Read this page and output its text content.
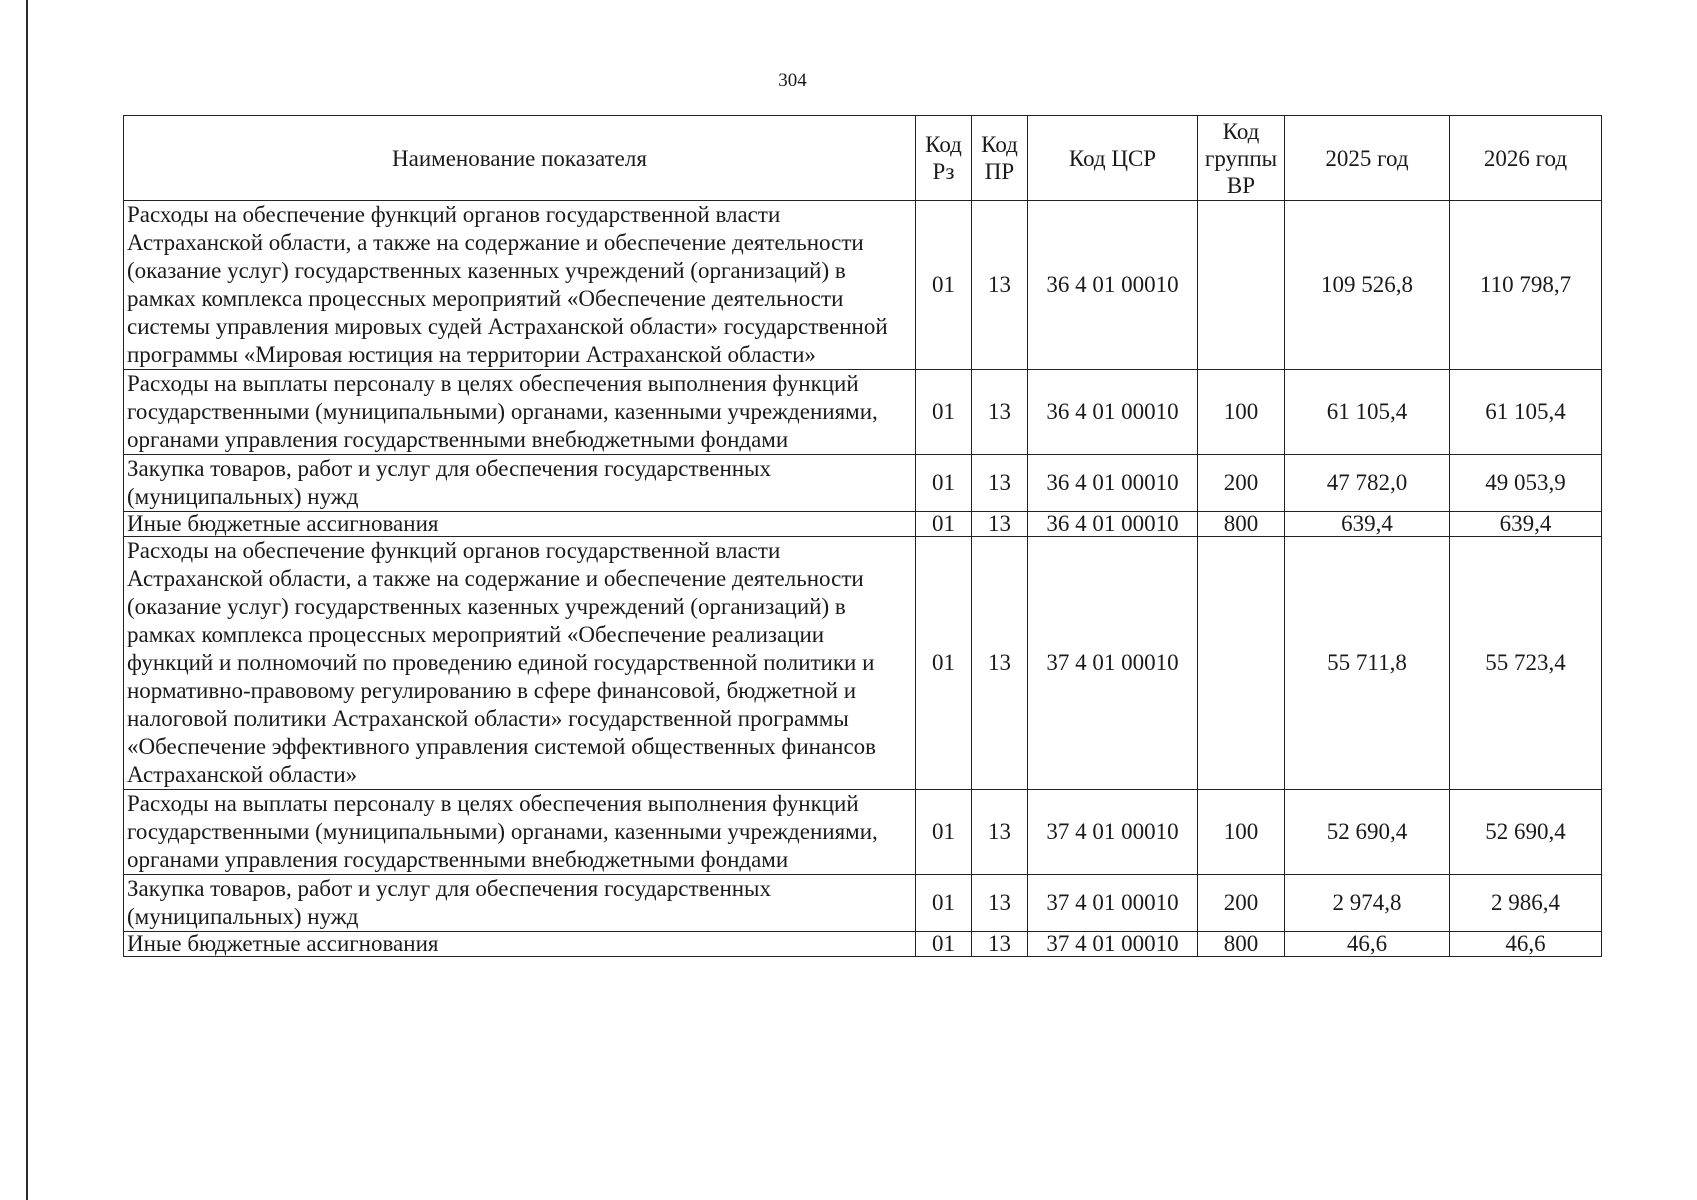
304
Наименование показателя	Код Рз	Код ПР	Код ЦСР	Код группы ВР	2025 год	2026 год
Расходы на обеспечение функций органов государственной власти Астраханской области, а также на содержание и обеспечение деятельности (оказание услуг) государственных казенных учреждений (организаций) в рамках комплекса процессных мероприятий «Обеспечение деятельности системы управления мировых судей Астраханской области» государственной программы «Мировая юстиция на территории Астраханской области»	01	13	36 4 01 00010		109 526,8	110 798,7
Расходы на выплаты персоналу в целях обеспечения выполнения функций государственными (муниципальными) органами, казенными учреждениями, органами управления государственными внебюджетными фондами	01	13	36 4 01 00010	100	61 105,4	61 105,4
Закупка товаров, работ и услуг для обеспечения государственных (муниципальных) нужд	01	13	36 4 01 00010	200	47 782,0	49 053,9
Иные бюджетные ассигнования	01	13	36 4 01 00010	800	639,4	639,4
Расходы на обеспечение функций органов государственной власти Астраханской области, а также на содержание и обеспечение деятельности (оказание услуг) государственных казенных учреждений (организаций) в рамках комплекса процессных мероприятий «Обеспечение реализации функций и полномочий по проведению единой государственной политики и нормативно-правовому регулированию в сфере финансовой, бюджетной и налоговой политики Астраханской области» государственной программы «Обеспечение эффективного управления системой общественных финансов Астраханской области»	01	13	37 4 01 00010		55 711,8	55 723,4
Расходы на выплаты персоналу в целях обеспечения выполнения функций государственными (муниципальными) органами, казенными учреждениями, органами управления государственными внебюджетными фондами	01	13	37 4 01 00010	100	52 690,4	52 690,4
Закупка товаров, работ и услуг для обеспечения государственных (муниципальных) нужд	01	13	37 4 01 00010	200	2 974,8	2 986,4
Иные бюджетные ассигнования	01	13	37 4 01 00010	800	46,6	46,6
